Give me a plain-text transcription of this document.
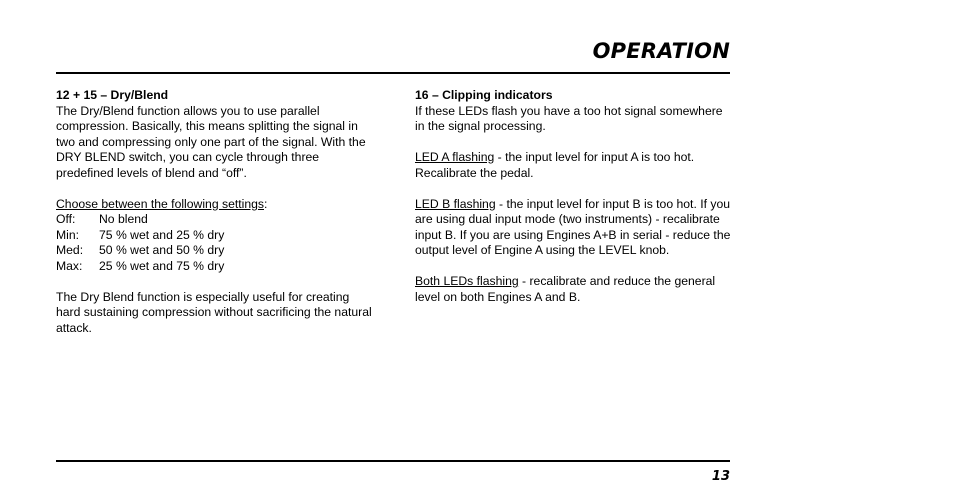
OPERATION

12 + 15 – Dry/Blend

The Dry/Blend function allows you to use parallel compression. Basically, this means splitting the signal in two and compressing only one part of the signal. With the DRY BLEND switch, you can cycle through three predefined levels of blend and “off”.

Choose between the following settings:

Off:	No blend
Min:	75 % wet and 25 % dry
Med:	50 % wet and 50 % dry
Max:	25 % wet and 75 % dry

The Dry Blend function is especially useful for creating hard sustaining compression without sacrificing the natural attack.

16 – Clipping indicators

If these LEDs flash you have a too hot signal somewhere in the signal processing.

LED A flashing - the input level for input A is too hot. Recalibrate the pedal.

LED B flashing - the input level for input B is too hot. If you are using dual input mode (two instruments) - recalibrate input B. If you are using Engines A+B in serial - reduce the output level of Engine A using the LEVEL knob.

Both LEDs flashing - recalibrate and reduce the general level on both Engines A and B.

13
